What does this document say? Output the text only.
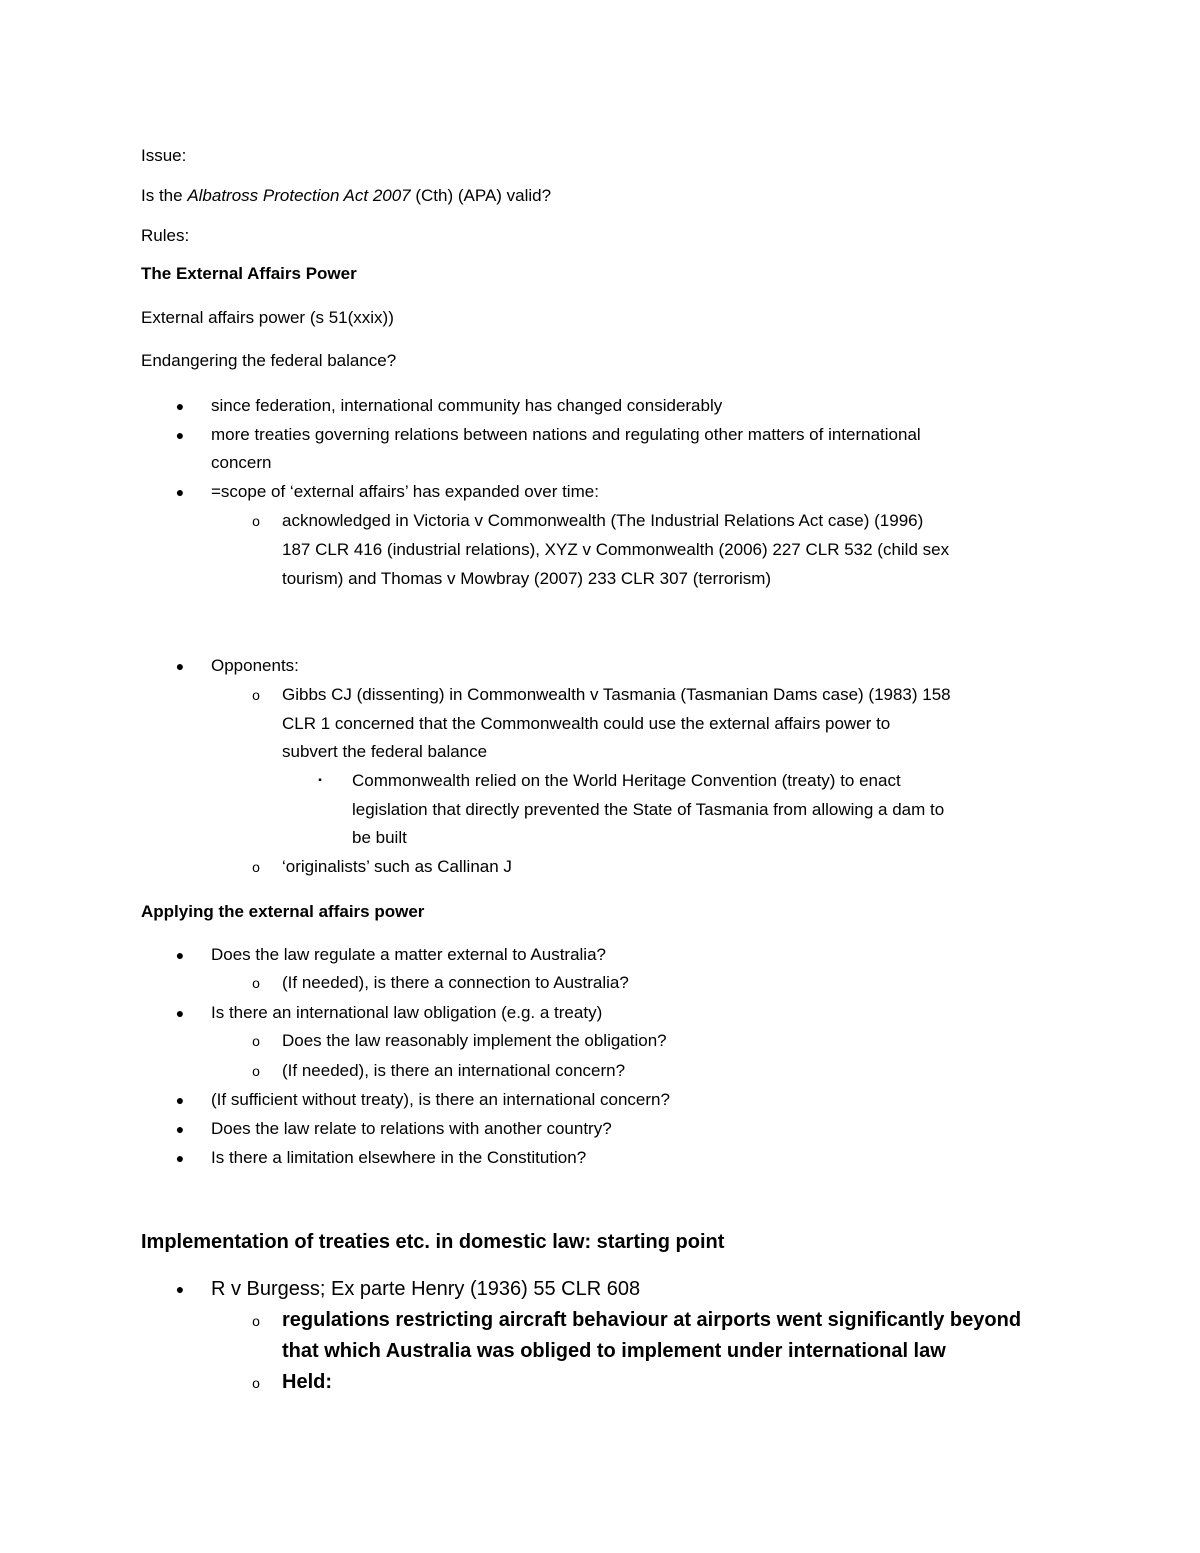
Issue:
Is the Albatross Protection Act 2007 (Cth) (APA) valid?
Rules:
The External Affairs Power
External affairs power (s 51(xxix))
Endangering the federal balance?
●	since federation, international community has changed considerably
●	more treaties governing relations between nations and regulating other matters of international
concern
●	=scope of ‘external affairs’ has expanded over time:
o	acknowledged in Victoria v Commonwealth (The Industrial Relations Act case) (1996)
187 CLR 416 (industrial relations), XYZ v Commonwealth (2006) 227 CLR 532 (child sex
tourism) and Thomas v Mowbray (2007) 233 CLR 307 (terrorism)
●	Opponents:
o	Gibbs CJ (dissenting) in Commonwealth v Tasmania (Tasmanian Dams case) (1983) 158
CLR 1 concerned that the Commonwealth could use the external affairs power to
subvert the federal balance
▪	Commonwealth relied on the World Heritage Convention (treaty) to enact
legislation that directly prevented the State of Tasmania from allowing a dam to
be built
o	‘originalists’ such as Callinan J
Applying the external affairs power
●	Does the law regulate a matter external to Australia?
o	(If needed), is there a connection to Australia?
●	Is there an international law obligation (e.g. a treaty)
o	Does the law reasonably implement the obligation?
o	(If needed), is there an international concern?
●	(If sufficient without treaty), is there an international concern?
●	Does the law relate to relations with another country?
●	Is there a limitation elsewhere in the Constitution?
Implementation of treaties etc. in domestic law: starting point
● R v Burgess; Ex parte Henry (1936) 55 CLR 608
o	regulations restricting aircraft behaviour at airports went significantly beyond
that which Australia was obliged to implement under international law
o	Held:
